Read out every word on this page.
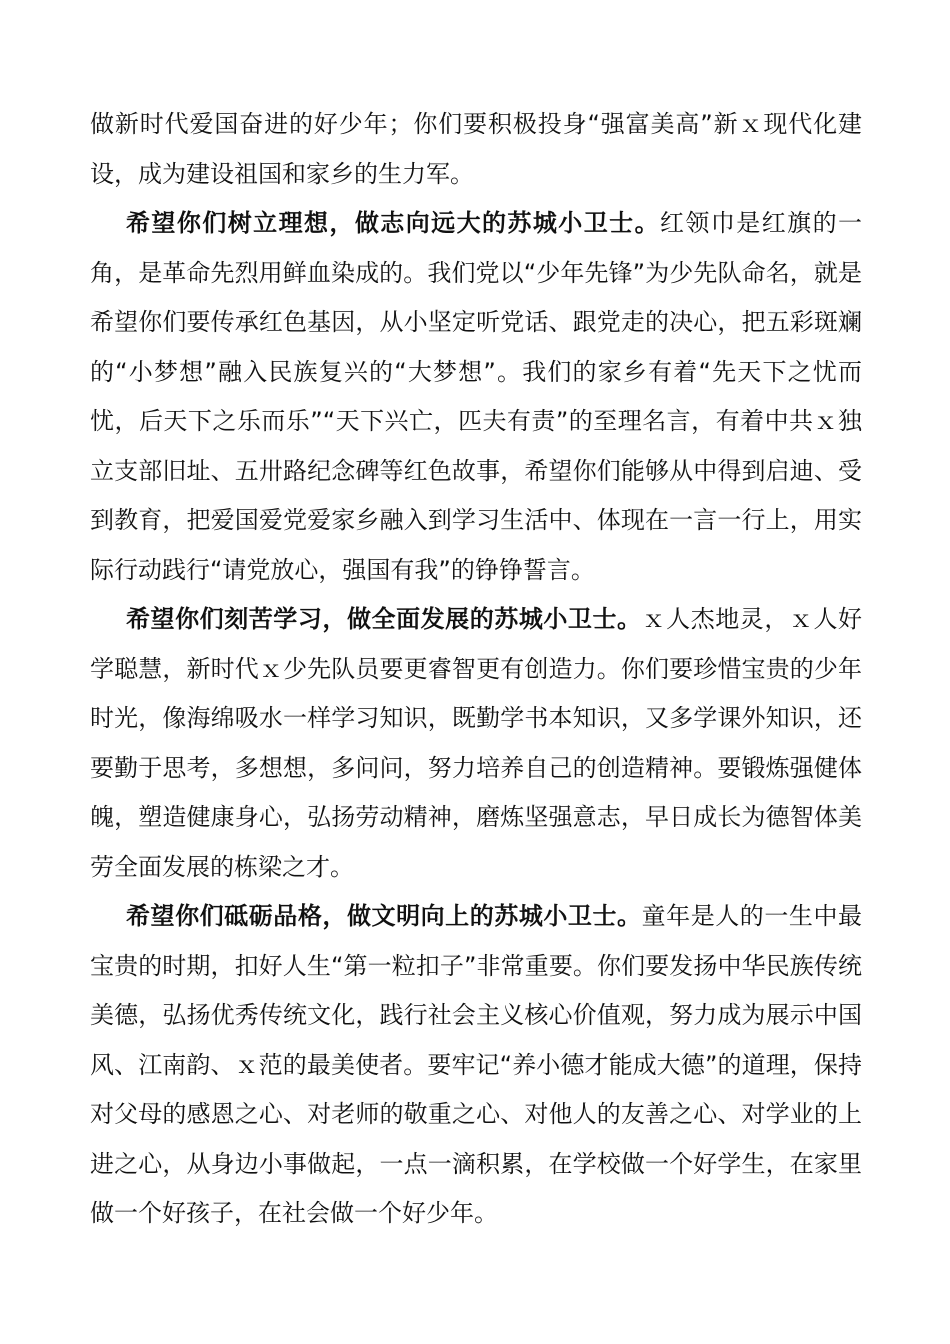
做新时代爱国奋进的好少年；你们要积极投身“强富美高”新ｘ现代化建设，成为建设祖国和家乡的生力军。

希望你们树立理想，做志向远大的苏城小卫士。红领巾是红旗的一角，是革命先烈用鲜血染成的。我们党以“少年先锋”为少先队命名，就是希望你们要传承红色基因，从小坚定听党话、跟党走的决心，把五彩斑斓的“小梦想”融入民族复兴的“大梦想”。我们的家乡有着“先天下之忧而忧，后天下之乐而乐”“天下兴亡，匹夫有责”的至理名言，有着中共ｘ独立支部旧址、五卅路纪念碑等红色故事，希望你们能够从中得到启迪、受到教育，把爱国爱党爱家乡融入到学习生活中、体现在一言一行上，用实际行动践行“请党放心，强国有我”的铮铮誓言。

希望你们刻苦学习，做全面发展的苏城小卫士。ｘ人杰地灵，ｘ人好学聪慧，新时代ｘ少先队员要更睿智更有创造力。你们要珍惜宝贵的少年时光，像海绵吸水一样学习知识，既勤学书本知识，又多学课外知识，还要勤于思考，多想想，多问问，努力培养自己的创造精神。要锻炼强健体魄，塑造健康身心，弘扬劳动精神，磨炼坚强意志，早日成长为德智体美劳全面发展的栋梁之才。

希望你们砥砺品格，做文明向上的苏城小卫士。童年是人的一生中最宝贵的时期，扣好人生“第一粒扣子”非常重要。你们要发扬中华民族传统美德，弘扬优秀传统文化，践行社会主义核心价值观，努力成为展示中国风、江南韵、ｘ范的最美使者。要牢记“养小德才能成大德”的道理，保持对父母的感恩之心、对老师的敬重之心、对他人的友善之心、对学业的上进之心，从身边小事做起，一点一滴积累，在学校做一个好学生，在家里做一个好孩子，在社会做一个好少年。
